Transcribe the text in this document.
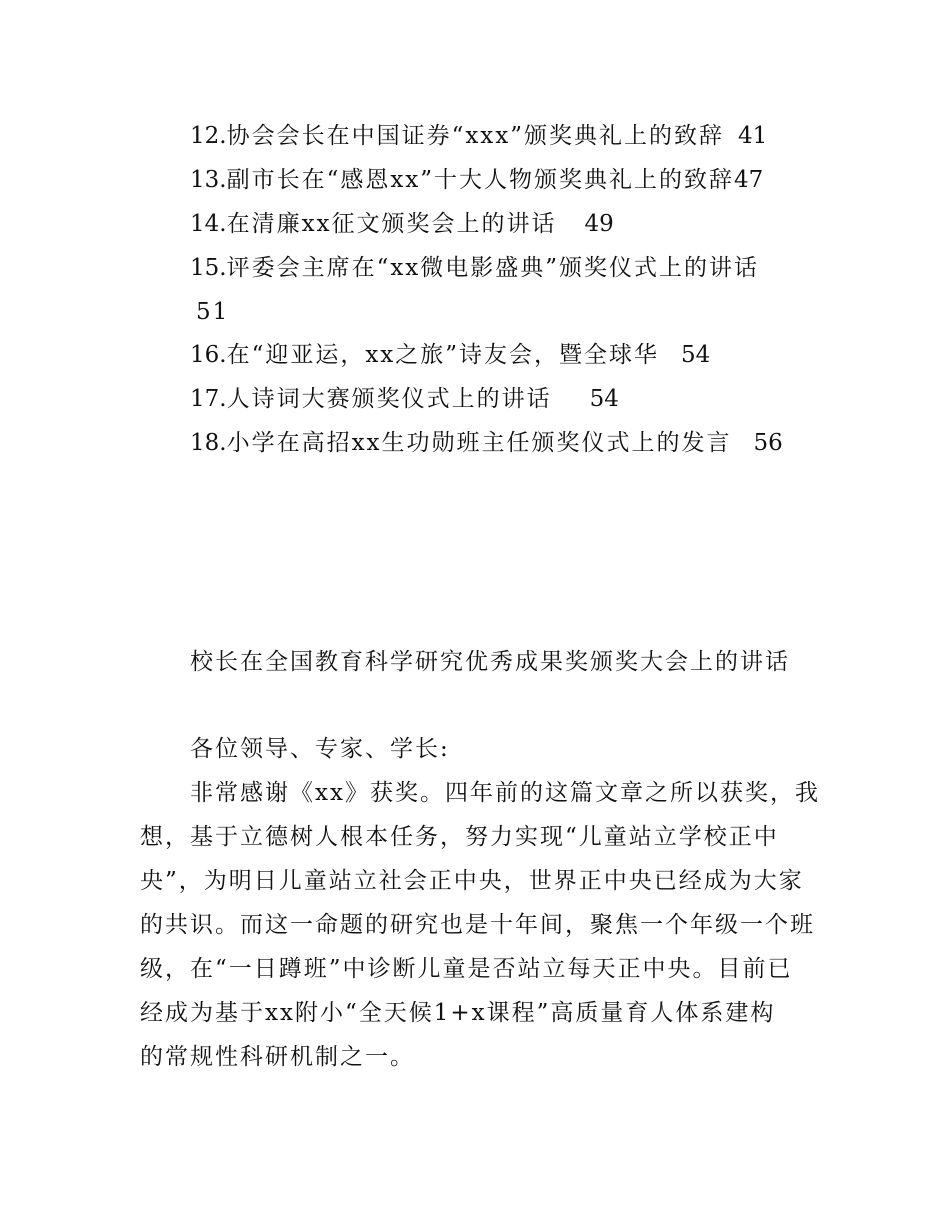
12.协会会长在中国证券“xxx”颁奖典礼上的致辞 41
13.副市长在“感恩xx”十大人物颁奖典礼上的致辞47
14.在清廉xx征文颁奖会上的讲话 49
15.评委会主席在“xx微电影盛典”颁奖仪式上的讲话
51
16.在“迎亚运，xx之旅”诗友会，暨全球华 54
17.人诗词大赛颁奖仪式上的讲话 54
18.小学在高招xx生功勋班主任颁奖仪式上的发言 56
校长在全国教育科学研究优秀成果奖颁奖大会上的讲话
各位领导、专家、学长:
非常感谢《xx》获奖。四年前的这篇文章之所以获奖，我
想，基于立德树人根本任务，努力实现“儿童站立学校正中
央”，为明日儿童站立社会正中央，世界正中央已经成为大家
的共识。而这一命题的研究也是十年间，聚焦一个年级一个班
级，在“一日蹲班”中诊断儿童是否站立每天正中央。目前已
经成为基于xx附小“全天候1+x课程”高质量育人体系建构
的常规性科研机制之一。
